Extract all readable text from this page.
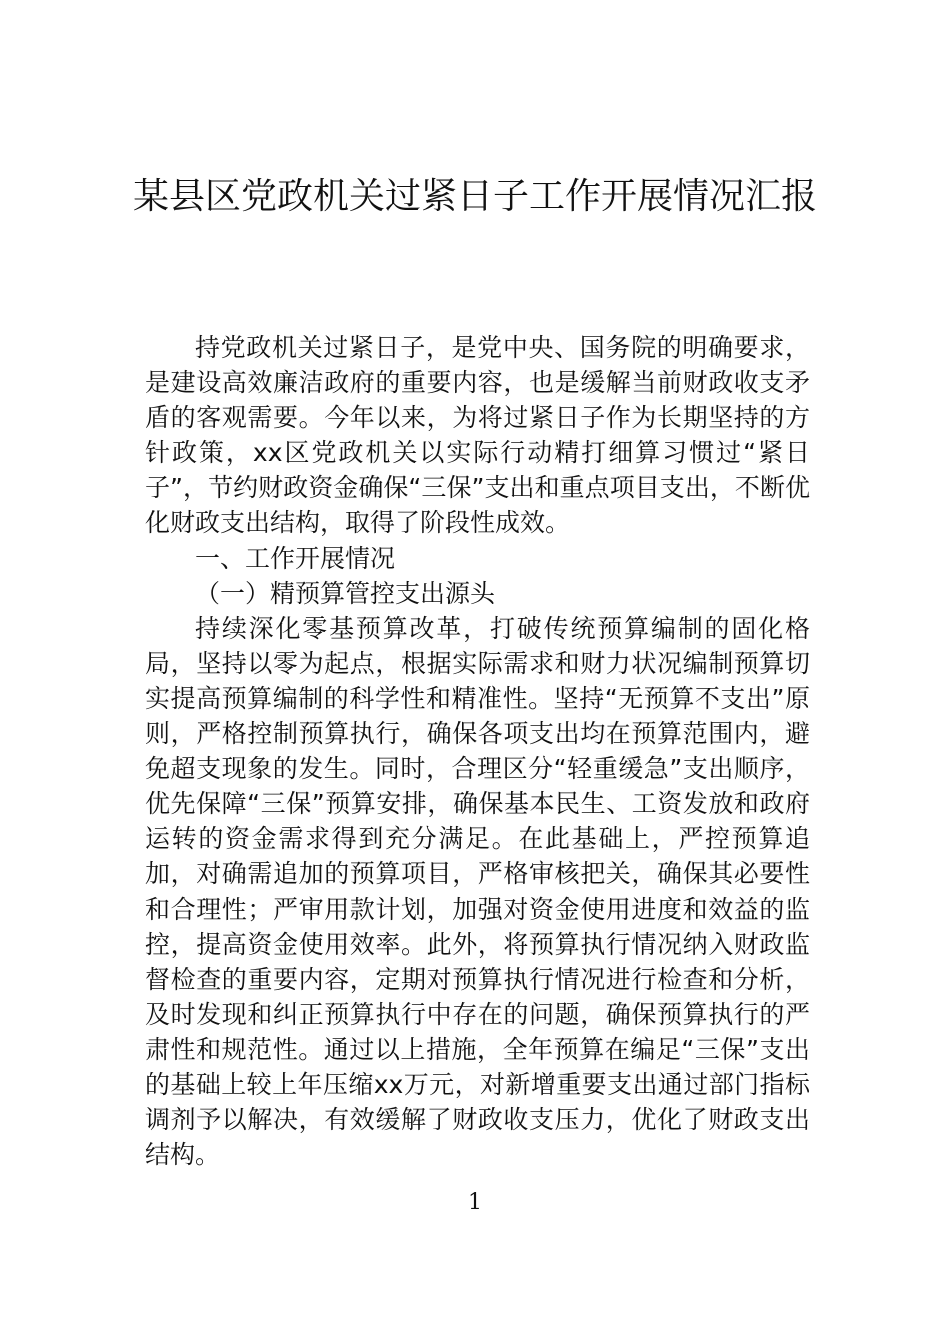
某县区党政机关过紧日子工作开展情况汇报

持党政机关过紧日子，是党中央、国务院的明确要求，是建设高效廉洁政府的重要内容，也是缓解当前财政收支矛盾的客观需要。今年以来，为将过紧日子作为长期坚持的方针政策，xx区党政机关以实际行动精打细算习惯过“紧日子”，节约财政资金确保“三保”支出和重点项目支出，不断优化财政支出结构，取得了阶段性成效。

一、工作开展情况

（一）精预算管控支出源头

持续深化零基预算改革，打破传统预算编制的固化格局，坚持以零为起点，根据实际需求和财力状况编制预算切实提高预算编制的科学性和精准性。坚持“无预算不支出”原则，严格控制预算执行，确保各项支出均在预算范围内，避免超支现象的发生。同时，合理区分“轻重缓急”支出顺序，优先保障“三保”预算安排，确保基本民生、工资发放和政府运转的资金需求得到充分满足。在此基础上，严控预算追加，对确需追加的预算项目，严格审核把关，确保其必要性和合理性；严审用款计划，加强对资金使用进度和效益的监控，提高资金使用效率。此外，将预算执行情况纳入财政监督检查的重要内容，定期对预算执行情况进行检查和分析，及时发现和纠正预算执行中存在的问题，确保预算执行的严肃性和规范性。通过以上措施，全年预算在编足“三保”支出的基础上较上年压缩xx万元，对新增重要支出通过部门指标调剂予以解决，有效缓解了财政收支压力，优化了财政支出结构。

1
